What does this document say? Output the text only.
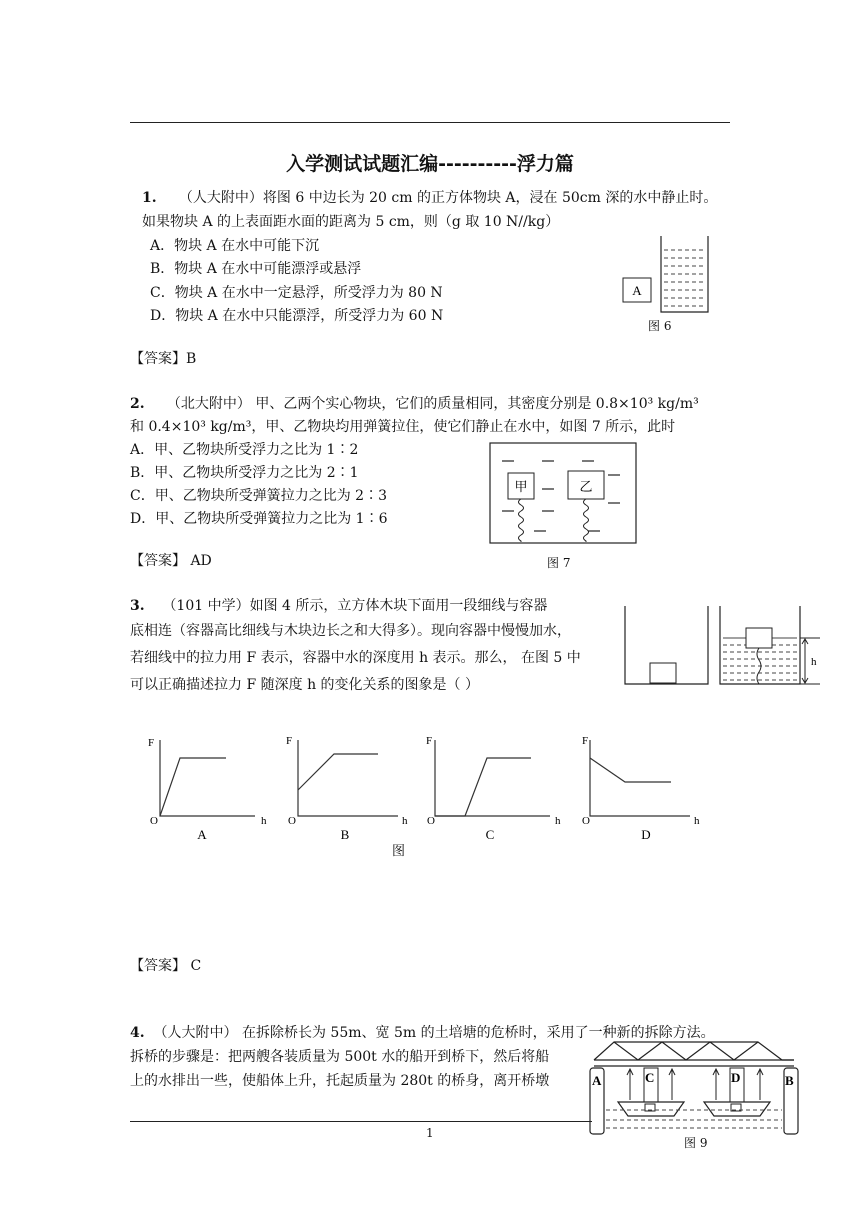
入学测试试题汇编----------浮力篇
1. （人大附中）将图 6 中边长为 20 cm 的正方体物块 A，浸在 50cm 深的水中静止时。
如果物块 A 的上表面距水面的距离为 5 cm，则（g 取 10 N//kg）
A．物块 A 在水中可能下沉
B．物块 A 在水中可能漂浮或悬浮
C．物块 A 在水中一定悬浮，所受浮力为 80 N
D．物块 A 在水中只能漂浮，所受浮力为 60 N
A
图 6
【答案】B
2. （北大附中） 甲、乙两个实心物块，它们的质量相同，其密度分别是 0.8×10³ kg/m³
和 0.4×10³ kg/m³，甲、乙物块均用弹簧拉住，使它们静止在水中，如图 7 所示，此时
A．甲、乙物块所受浮力之比为 1∶2
B．甲、乙物块所受浮力之比为 2∶1
C．甲、乙物块所受弹簧拉力之比为 2∶3
D．甲、乙物块所受弹簧拉力之比为 1∶6
甲	乙
图 7
【答案】 AD
3. （101 中学）如图 4 所示，立方体木块下面用一段细线与容器
底相连（容器高比细线与木块边长之和大得多）。现向容器中慢慢加水，
若细线中的拉力用 F 表示，容器中水的深度用 h 表示。那么， 在图 5 中
可以正确描述拉力 F 随深度 h 的变化关系的图象是（ ）
h
F
O	h
F
O	h
F
O	h
F
O	h
A	B	C	D
图
【答案】 C
4. （人大附中） 在拆除桥长为 55m、宽 5m 的土培塘的危桥时，采用了一种新的拆除方法。
拆桥的步骤是：把两艘各装质量为 500t 水的船开到桥下，然后将船
上的水排出一些，使船体上升，托起质量为 280t 的桥身，离开桥墩	A	C	D	B
图 9
1
